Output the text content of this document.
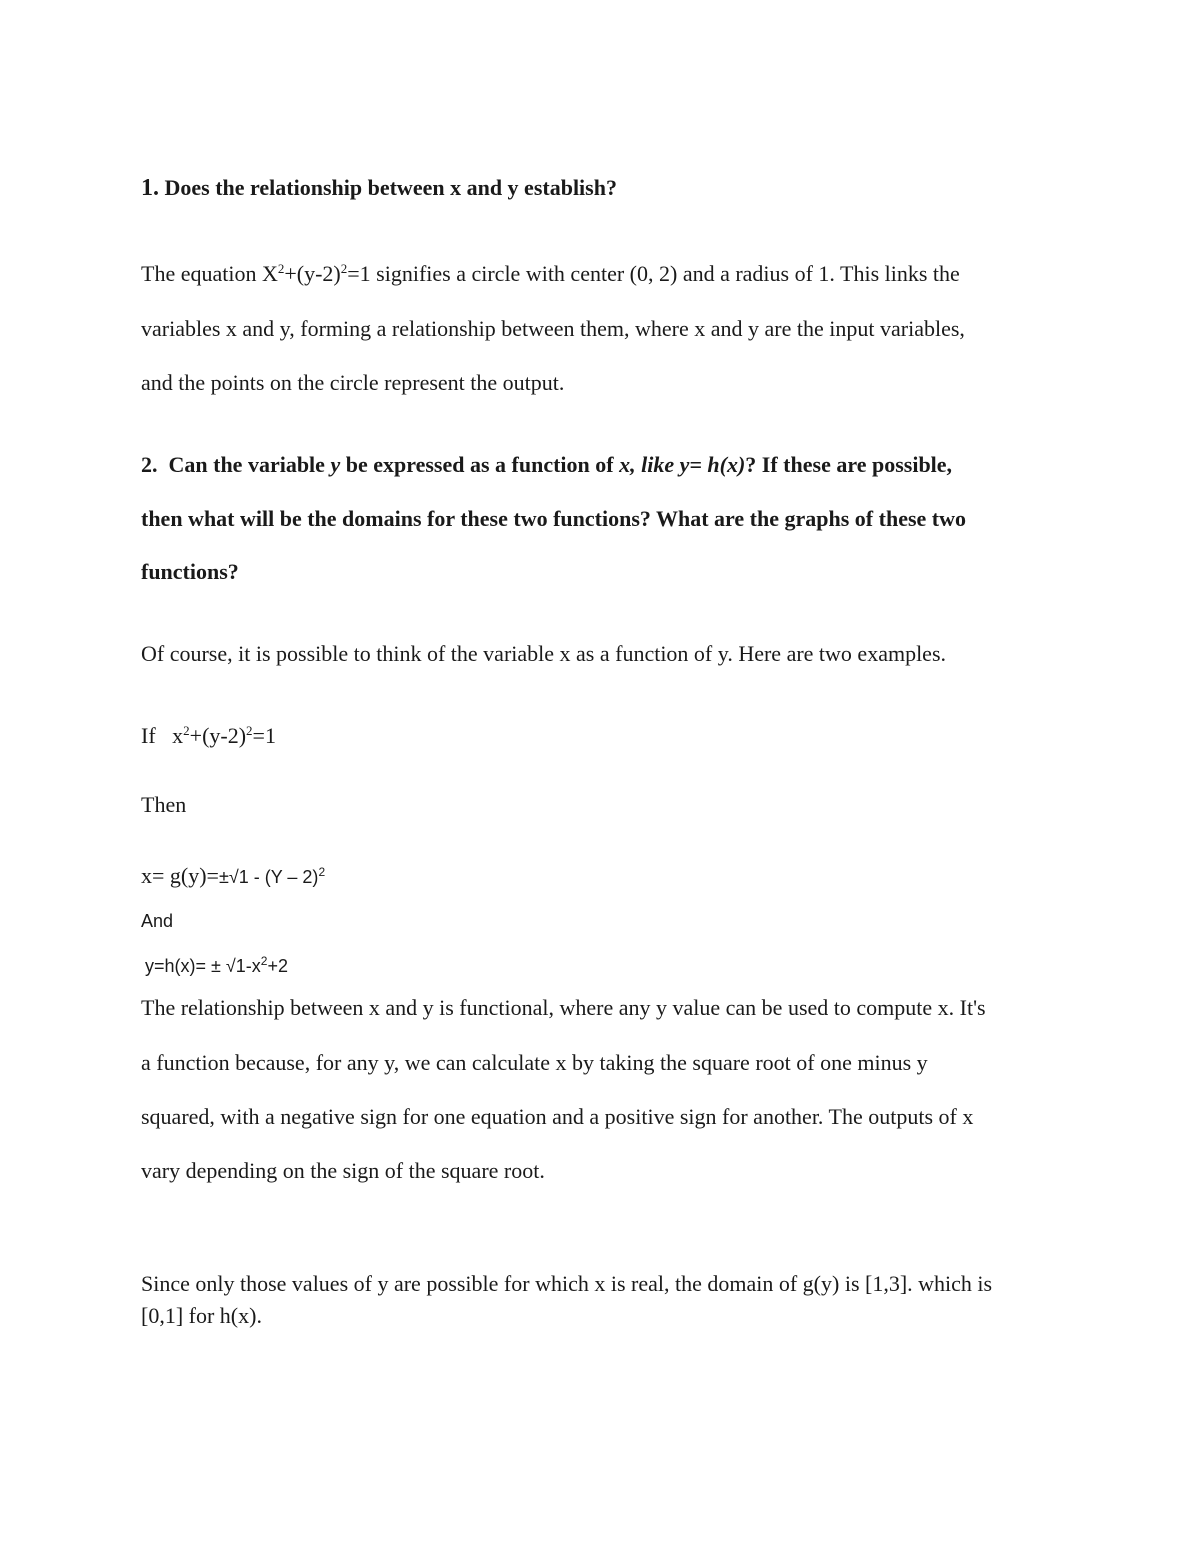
1. Does the relationship between x and y establish?

The equation $X^2+(y-2)^2=1$ signifies a circle with center (0, 2) and a radius of 1. This links the

variables x and y, forming a relationship between them, where x and y are the input variables,

and the points on the circle represent the output.

2. Can the variable y be expressed as a function of x, like y= h(x)? If these are possible,

then what will be the domains for these two functions? What are the graphs of these two

functions?

Of course, it is possible to think of the variable x as a function of y. Here are two examples.

If $x^2+(y-2)^2=1$

Then

x= g(y)=±√1 - (Y – 2)$^2$

And

$y=h(x)= \pm √1-x^2+2$

The relationship between x and y is functional, where any y value can be used to compute x. It's

a function because, for any y, we can calculate x by taking the square root of one minus y

squared, with a negative sign for one equation and a positive sign for another. The outputs of x

vary depending on the sign of the square root.

Since only those values of y are possible for which x is real, the domain of g(y) is [1,3]. which is

[0,1] for h(x).
